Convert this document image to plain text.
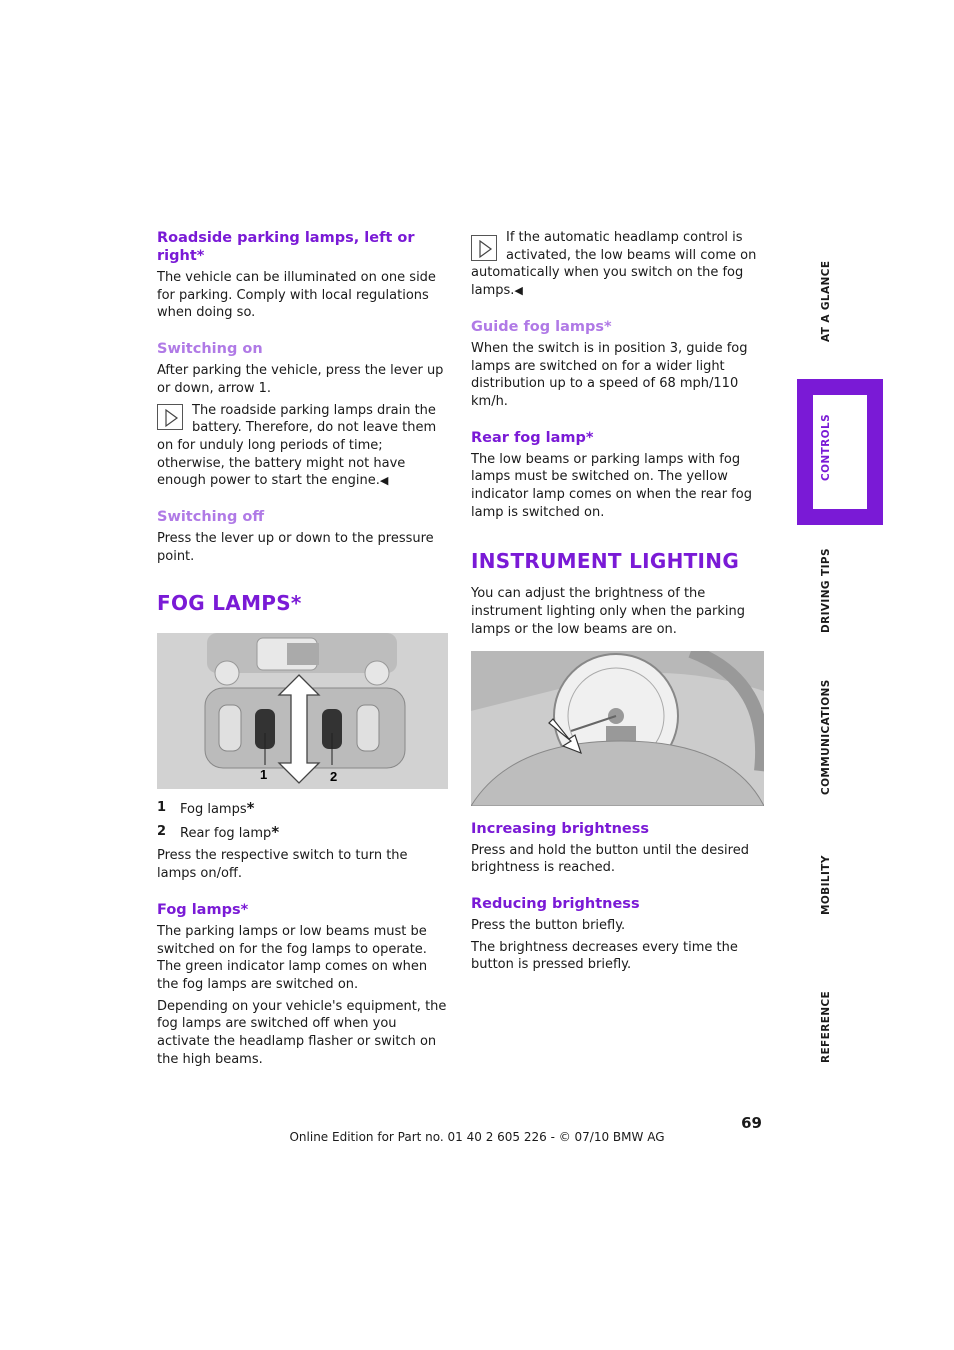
Roadside parking lamps, left or right*

The vehicle can be illuminated on one side for parking. Comply with local regulations when doing so.

Switching on

After parking the vehicle, press the lever up or down, arrow 1.

The roadside parking lamps drain the battery. Therefore, do not leave them on for unduly long periods of time; otherwise, the battery might not have enough power to start the engine.◀

Switching off

Press the lever up or down to the pressure point.

FOG LAMPS*
1	2
1	Fog lamps*
2	Rear fog lamp*

Press the respective switch to turn the lamps on/off.

Fog lamps*

The parking lamps or low beams must be switched on for the fog lamps to operate. The green indicator lamp comes on when the fog lamps are switched on.

Depending on your vehicle's equipment, the fog lamps are switched off when you activate the headlamp flasher or switch on the high beams.

If the automatic headlamp control is activated, the low beams will come on automatically when you switch on the fog lamps.◀

Guide fog lamps*

When the switch is in position 3, guide fog lamps are switched on for a wider light distribution up to a speed of 68 mph/110 km/h.

Rear fog lamp*

The low beams or parking lamps with fog lamps must be switched on. The yellow indicator lamp comes on when the rear fog lamp is switched on.

INSTRUMENT LIGHTING

You can adjust the brightness of the instrument lighting only when the parking lamps or the low beams are on.

Increasing brightness

Press and hold the button until the desired brightness is reached.

Reducing brightness

Press the button briefly.

The brightness decreases every time the button is pressed briefly.

AT A GLANCE
CONTROLS
DRIVING TIPS
COMMUNICATIONS
MOBILITY
REFERENCE
69
Online Edition for Part no. 01 40 2 605 226 - © 07/10 BMW AG
